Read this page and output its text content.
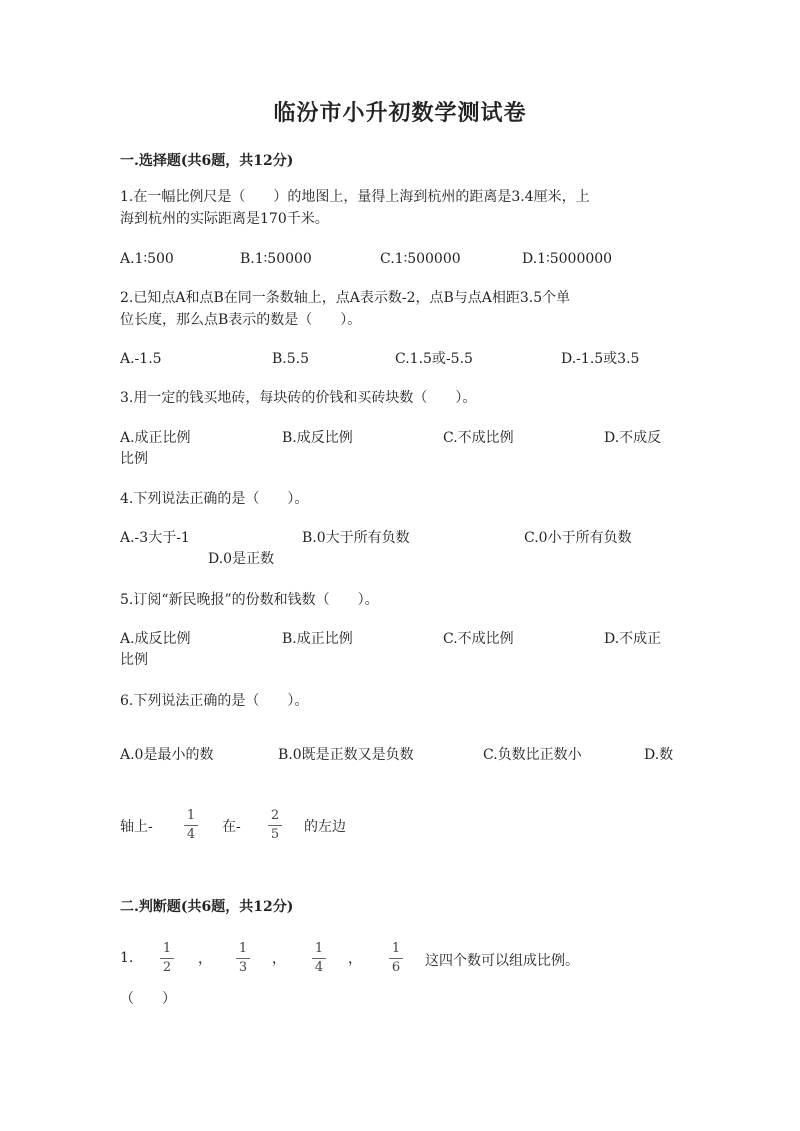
临汾市小升初数学测试卷
一.选择题(共6题，共12分)
1.在一幅比例尺是（　　）的地图上，量得上海到杭州的距离是3.4厘米，上
海到杭州的实际距离是170千米。
A.1∶500	B.1∶50000	C.1∶500000	D.1∶5000000
2.已知点A和点B在同一条数轴上，点A表示数-2，点B与点A相距3.5个单
位长度，那么点B表示的数是（　　）。
A.-1.5	B.5.5	C.1.5或-5.5	D.-1.5或3.5
3.用一定的钱买地砖，每块砖的价钱和买砖块数（　　）。
A.成正比例	B.成反比例	C.不成比例	D.不成反
比例
4.下列说法正确的是（　　）。
A.-3大于-1	B.0大于所有负数	C.0小于所有负数
D.0是正数
5.订阅“新民晚报”的份数和钱数（　　）。
A.成反比例	B.成正比例	C.不成比例	D.不成正
比例
6.下列说法正确的是（　　）。
A.0是最小的数	B.0既是正数又是负数	C.负数比正数小	D.数
轴上-
1
4 在-
2
5 的左边
二.判断题(共6题，共12分)
1.
1
2
，
1
3
，
1
4
，
1
6 这四个数可以组成比例。
（　　）
